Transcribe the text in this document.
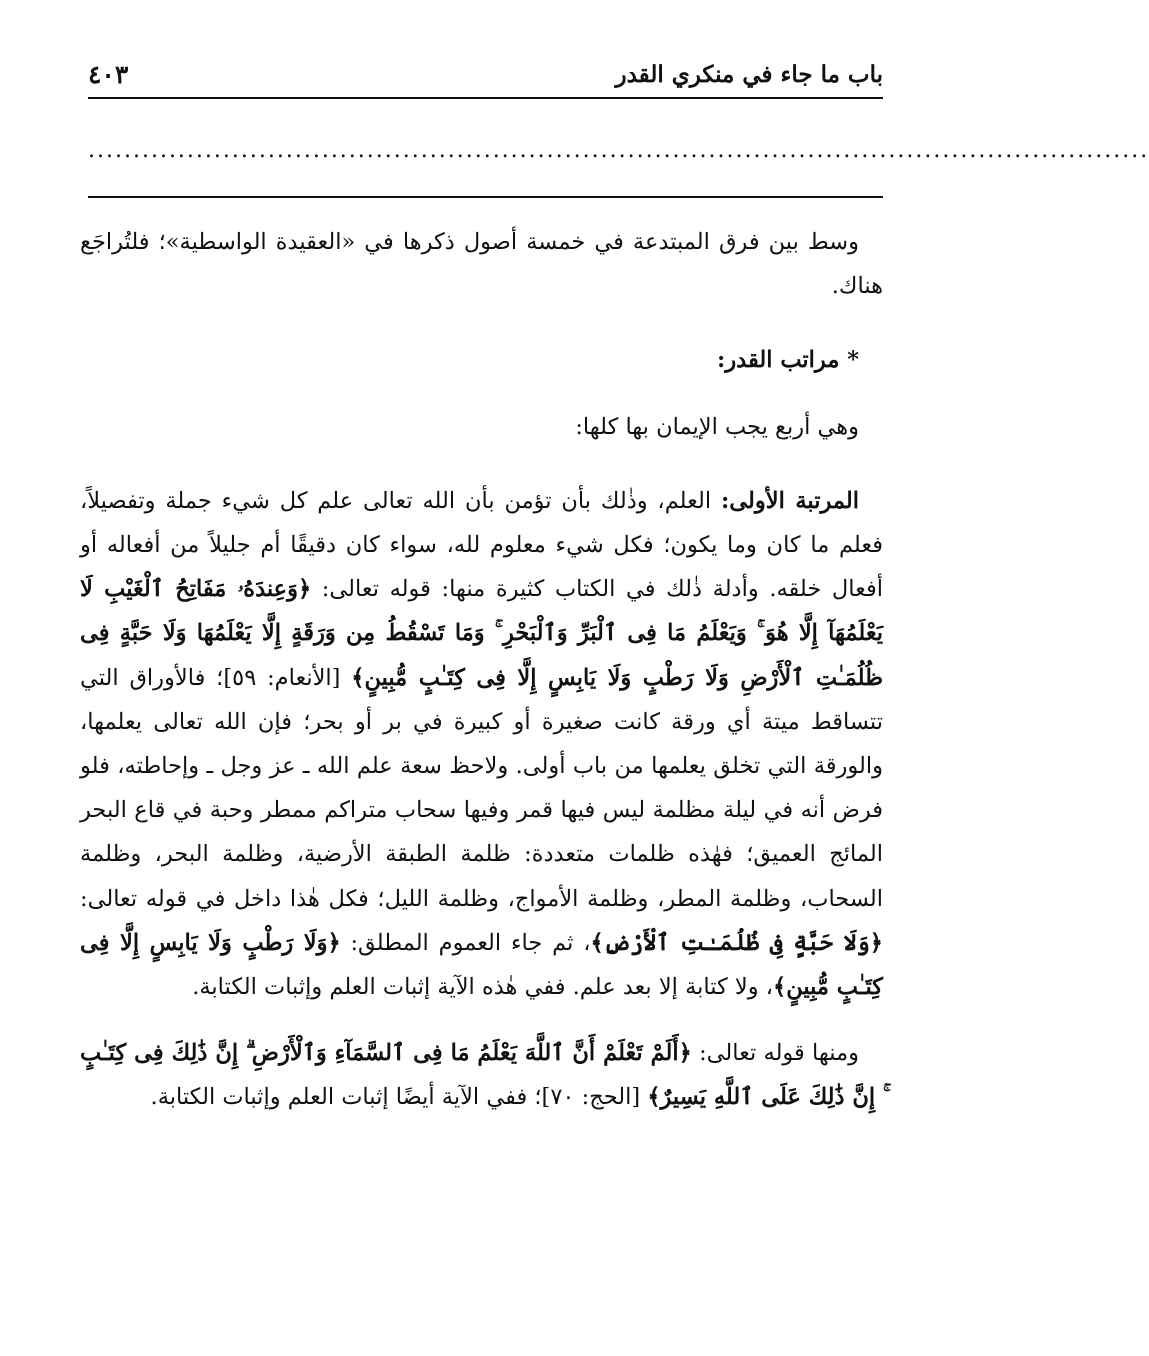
باب ما جاء في منكري القدر
٤٠٣
......................................................................................................................

وسط بين فرق المبتدعة في خمسة أصول ذكرها في «العقيدة الواسطية»؛ فلتُراجَع هناك.

* مراتب القدر:

وهي أربع يجب الإيمان بها كلها:

المرتبة الأولى: العلم، وذٰلك بأن تؤمن بأن الله تعالى علم كل شيء جملة وتفصيلاً، فعلم ما كان وما يكون؛ فكل شيء معلوم لله، سواء كان دقيقًا أم جليلاً من أفعاله أو أفعال خلقه. وأدلة ذٰلك في الكتاب كثيرة منها: قوله تعالى: ﴿وَعِندَهُۥ مَفَاتِحُ ٱلْغَيْبِ لَا يَعْلَمُهَآ إِلَّا هُوَ ۚ وَيَعْلَمُ مَا فِى ٱلْبَرِّ وَٱلْبَحْرِ ۚ وَمَا تَسْقُطُ مِن وَرَقَةٍ إِلَّا يَعْلَمُهَا وَلَا حَبَّةٍ فِى ظُلُمَـٰتِ ٱلْأَرْضِ وَلَا رَطْبٍ وَلَا يَابِسٍ إِلَّا فِى كِتَـٰبٍ مُّبِينٍ﴾ [الأنعام: ٥٩]؛ فالأوراق التي تتساقط ميتة أي ورقة كانت صغيرة أو كبيرة في بر أو بحر؛ فإن الله تعالى يعلمها، والورقة التي تخلق يعلمها من باب أولى. ولاحظ سعة علم الله ـ عز وجل ـ وإحاطته، فلو فرض أنه في ليلة مظلمة ليس فيها قمر وفيها سحاب متراكم ممطر وحبة في قاع البحر المائج العميق؛ فهٰذه ظلمات متعددة: ظلمة الطبقة الأرضية، وظلمة البحر، وظلمة السحاب، وظلمة المطر، وظلمة الأمواج، وظلمة الليل؛ فكل هٰذا داخل في قوله تعالى: ﴿وَلَا حَبَّةٍ فِى ظُلُمَـٰتِ ٱلْأَرْضِ﴾، ثم جاء العموم المطلق: ﴿وَلَا رَطْبٍ وَلَا يَابِسٍ إِلَّا فِى كِتَـٰبٍ مُّبِينٍ﴾، ولا كتابة إلا بعد علم. ففي هٰذه الآية إثبات العلم وإثبات الكتابة.

ومنها قوله تعالى: ﴿أَلَمْ تَعْلَمْ أَنَّ ٱللَّهَ يَعْلَمُ مَا فِى ٱلسَّمَآءِ وَٱلْأَرْضِ ۗ إِنَّ ذَٰلِكَ فِى كِتَـٰبٍ ۚ إِنَّ ذَٰلِكَ عَلَى ٱللَّهِ يَسِيرٌ﴾ [الحج: ٧٠]؛ ففي الآية أيضًا إثبات العلم وإثبات الكتابة.
